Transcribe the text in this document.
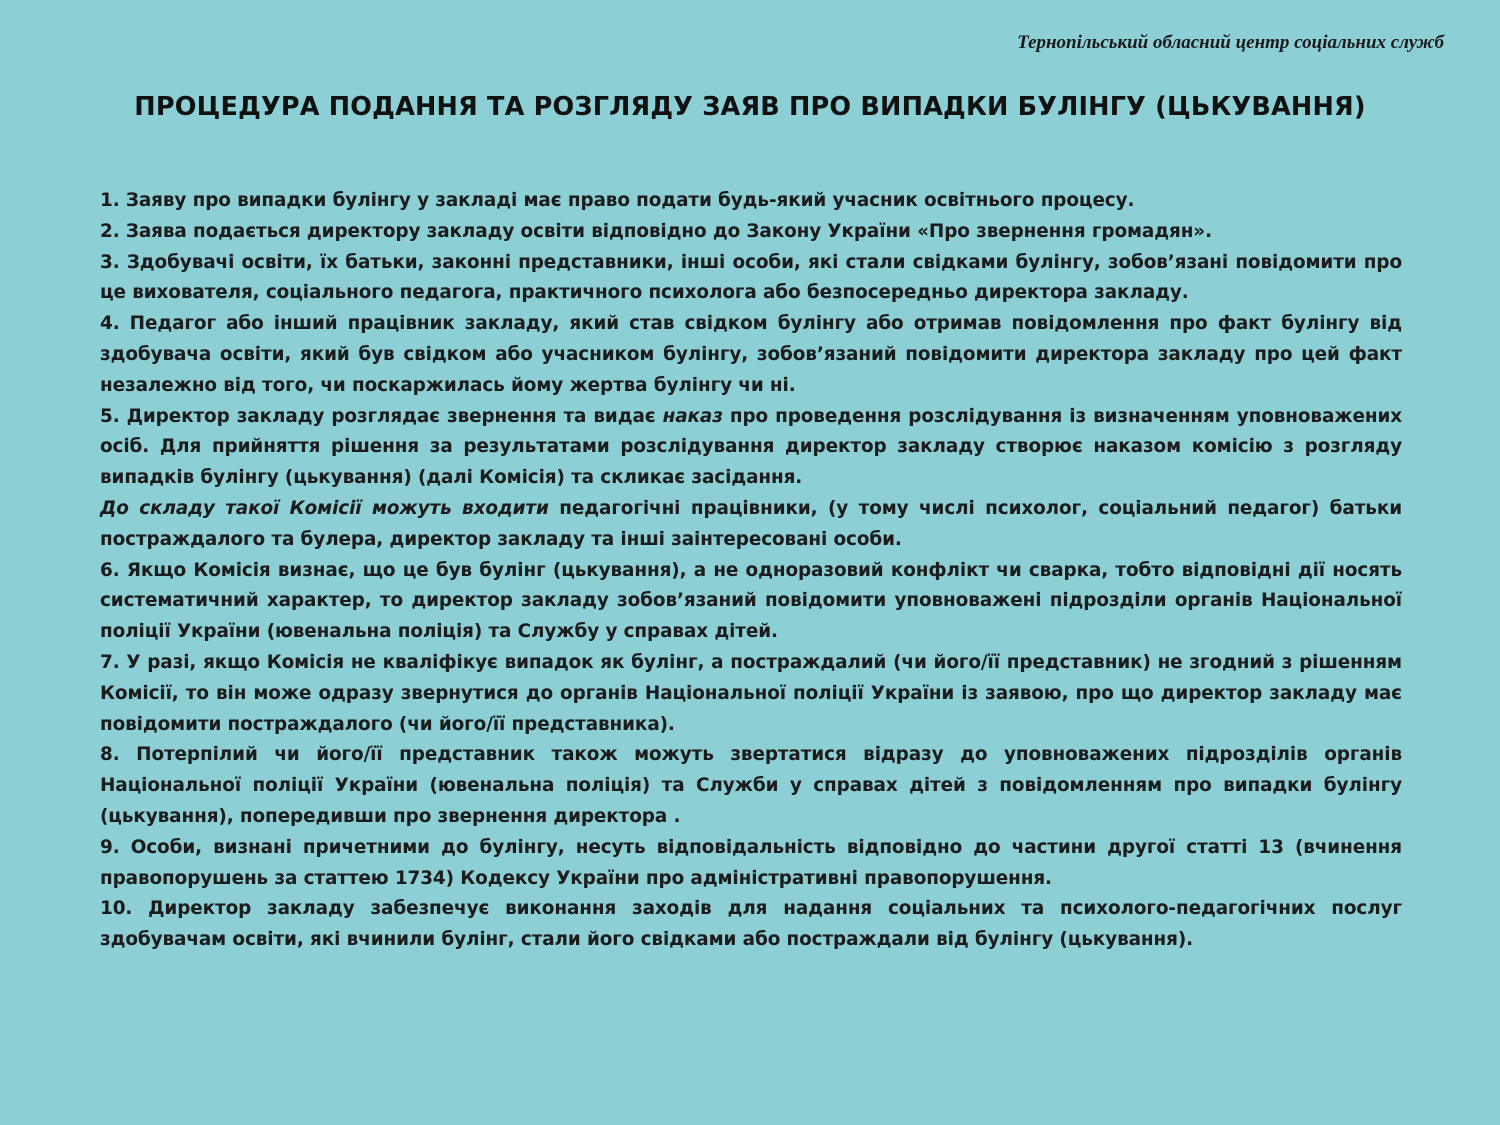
Тернопільський обласний центр соціальних служб
ПРОЦЕДУРА ПОДАННЯ ТА РОЗГЛЯДУ ЗАЯВ ПРО ВИПАДКИ БУЛІНГУ (ЦЬКУВАННЯ)

1. Заяву про випадки булінгу у закладі має право подати будь-який учасник освітнього процесу.

2. Заява подається директору закладу освіти відповідно до Закону України «Про звернення громадян».

3. Здобувачі освіти, їх батьки, законні представники, інші особи, які стали свідками булінгу, зобов’язані повідомити про це вихователя, соціального педагога, практичного психолога або безпосередньо директора закладу.

4. Педагог або інший працівник закладу, який став свідком булінгу або отримав повідомлення про факт булінгу від здобувача освіти, який був свідком або учасником булінгу, зобов’язаний повідомити директора закладу про цей факт незалежно від того, чи поскаржилась йому жертва булінгу чи ні.

5. Директор закладу розглядає звернення та видає наказ про проведення розслідування із визначенням уповноважених осіб. Для прийняття рішення за результатами розслідування директор закладу створює наказом комісію з розгляду випадків булінгу (цькування) (далі Комісія) та скликає засідання.

До складу такої Комісії можуть входити педагогічні працівники, (у тому числі психолог, соціальний педагог) батьки постраждалого та булера, директор закладу та інші заінтересовані особи.

6. Якщо Комісія визнає, що це був булінг (цькування), а не одноразовий конфлікт чи сварка, тобто відповідні дії носять систематичний характер, то директор закладу зобов’язаний повідомити уповноважені підрозділи органів Національної поліції України (ювенальна поліція) та Службу у справах дітей.

7. У разі, якщо Комісія не кваліфікує випадок як булінг, а постраждалий (чи його/її представник) не згодний з рішенням Комісії, то він може одразу звернутися до органів Національної поліції України із заявою, про що директор закладу має повідомити постраждалого (чи його/її представника).

8. Потерпілий чи його/її представник також можуть звертатися відразу до уповноважених підрозділів органів Національної поліції України (ювенальна поліція) та Служби у справах дітей з повідомленням про випадки булінгу (цькування), попередивши про звернення директора .

9. Особи, визнані причетними до булінгу, несуть відповідальність відповідно до частини другої статті 13 (вчинення правопорушень за статтею 1734) Кодексу України про адміністративні правопорушення.

10. Директор закладу забезпечує виконання заходів для надання соціальних та психолого-педагогічних послуг здобувачам освіти, які вчинили булінг, стали його свідками або постраждали від булінгу (цькування).
